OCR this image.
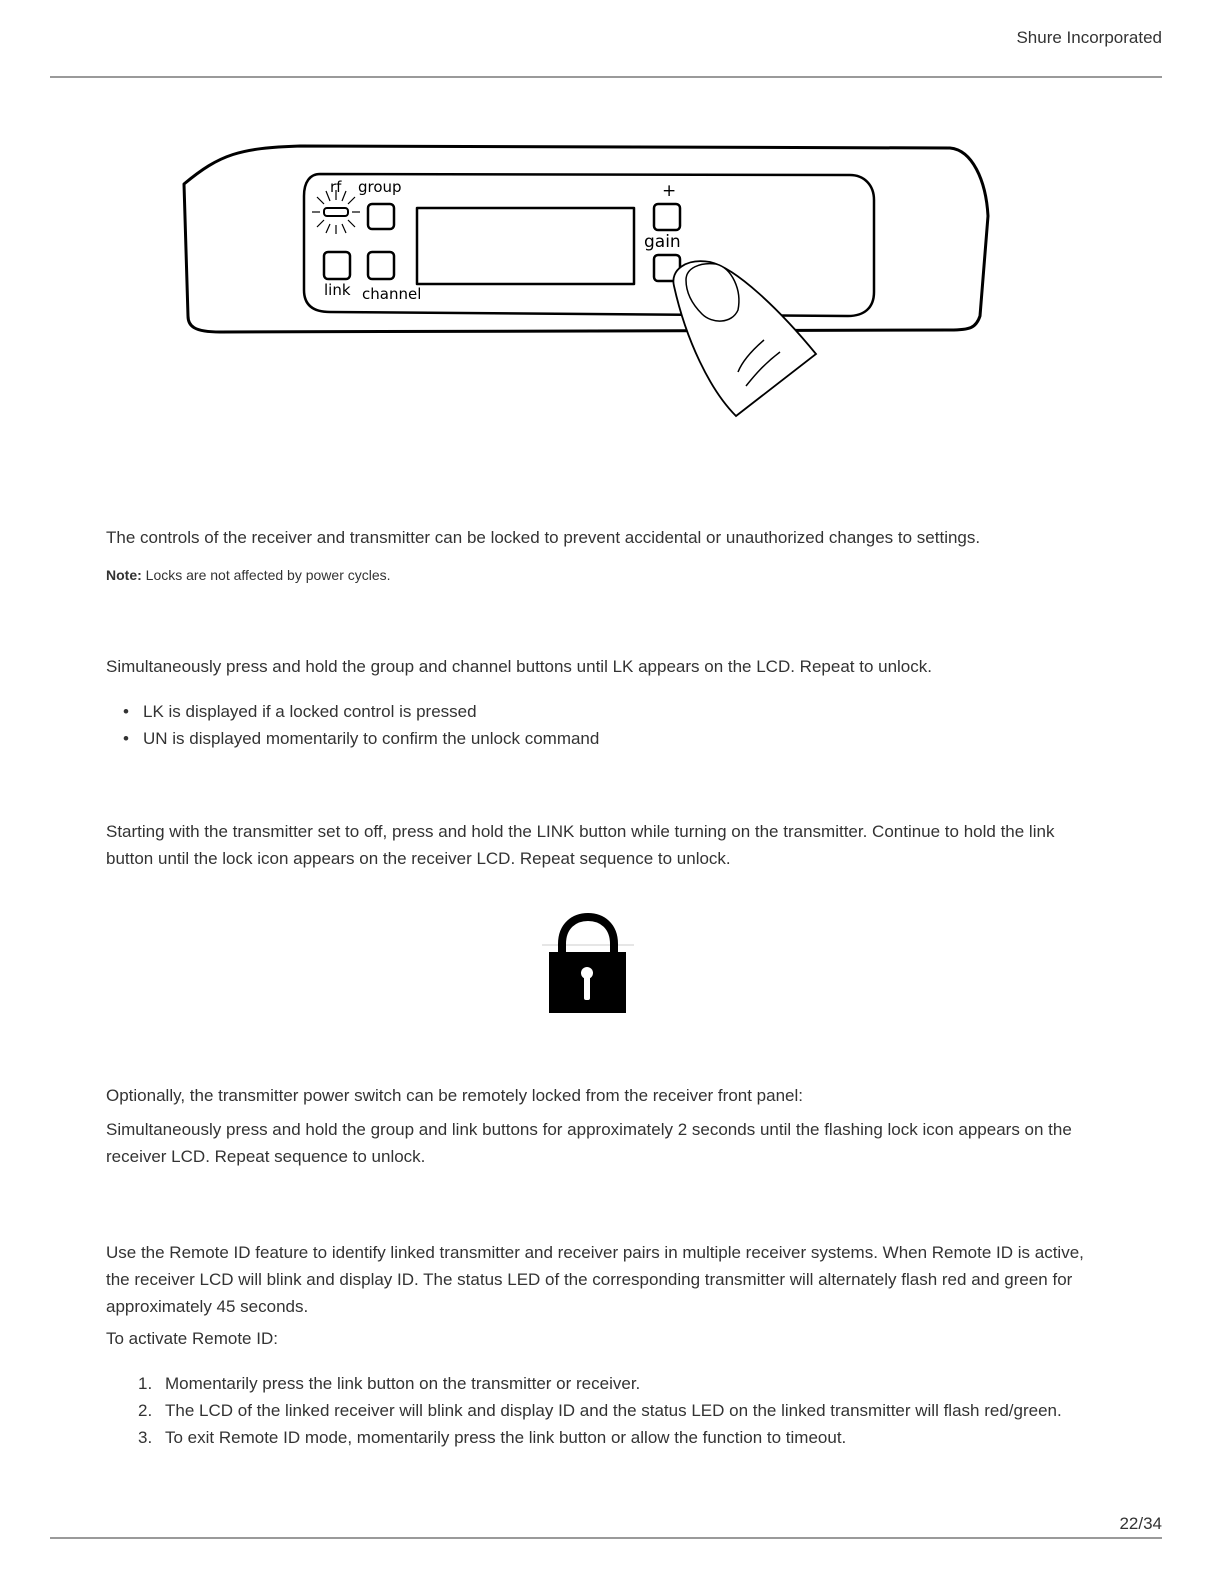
Shure Incorporated
rf group	+
gain
link channel

The controls of the receiver and transmitter can be locked to prevent accidental or unauthorized changes to settings.

Note: Locks are not affected by power cycles.

Simultaneously press and hold the group and channel buttons until LK appears on the LCD. Repeat to unlock.

• LK is displayed if a locked control is pressed
• UN is displayed momentarily to confirm the unlock command

Starting with the transmitter set to off, press and hold the LINK button while turning on the transmitter. Continue to hold the link button until the lock icon appears on the receiver LCD. Repeat sequence to unlock.

Optionally, the transmitter power switch can be remotely locked from the receiver front panel:

Simultaneously press and hold the group and link buttons for approximately 2 seconds until the flashing lock icon appears on the receiver LCD. Repeat sequence to unlock.

Use the Remote ID feature to identify linked transmitter and receiver pairs in multiple receiver systems. When Remote ID is active, the receiver LCD will blink and display ID. The status LED of the corresponding transmitter will alternately flash red and green for approximately 45 seconds.

To activate Remote ID:

1. Momentarily press the link button on the transmitter or receiver.
2. The LCD of the linked receiver will blink and display ID and the status LED on the linked transmitter will flash red/green.
3. To exit Remote ID mode, momentarily press the link button or allow the function to timeout.
22/34
